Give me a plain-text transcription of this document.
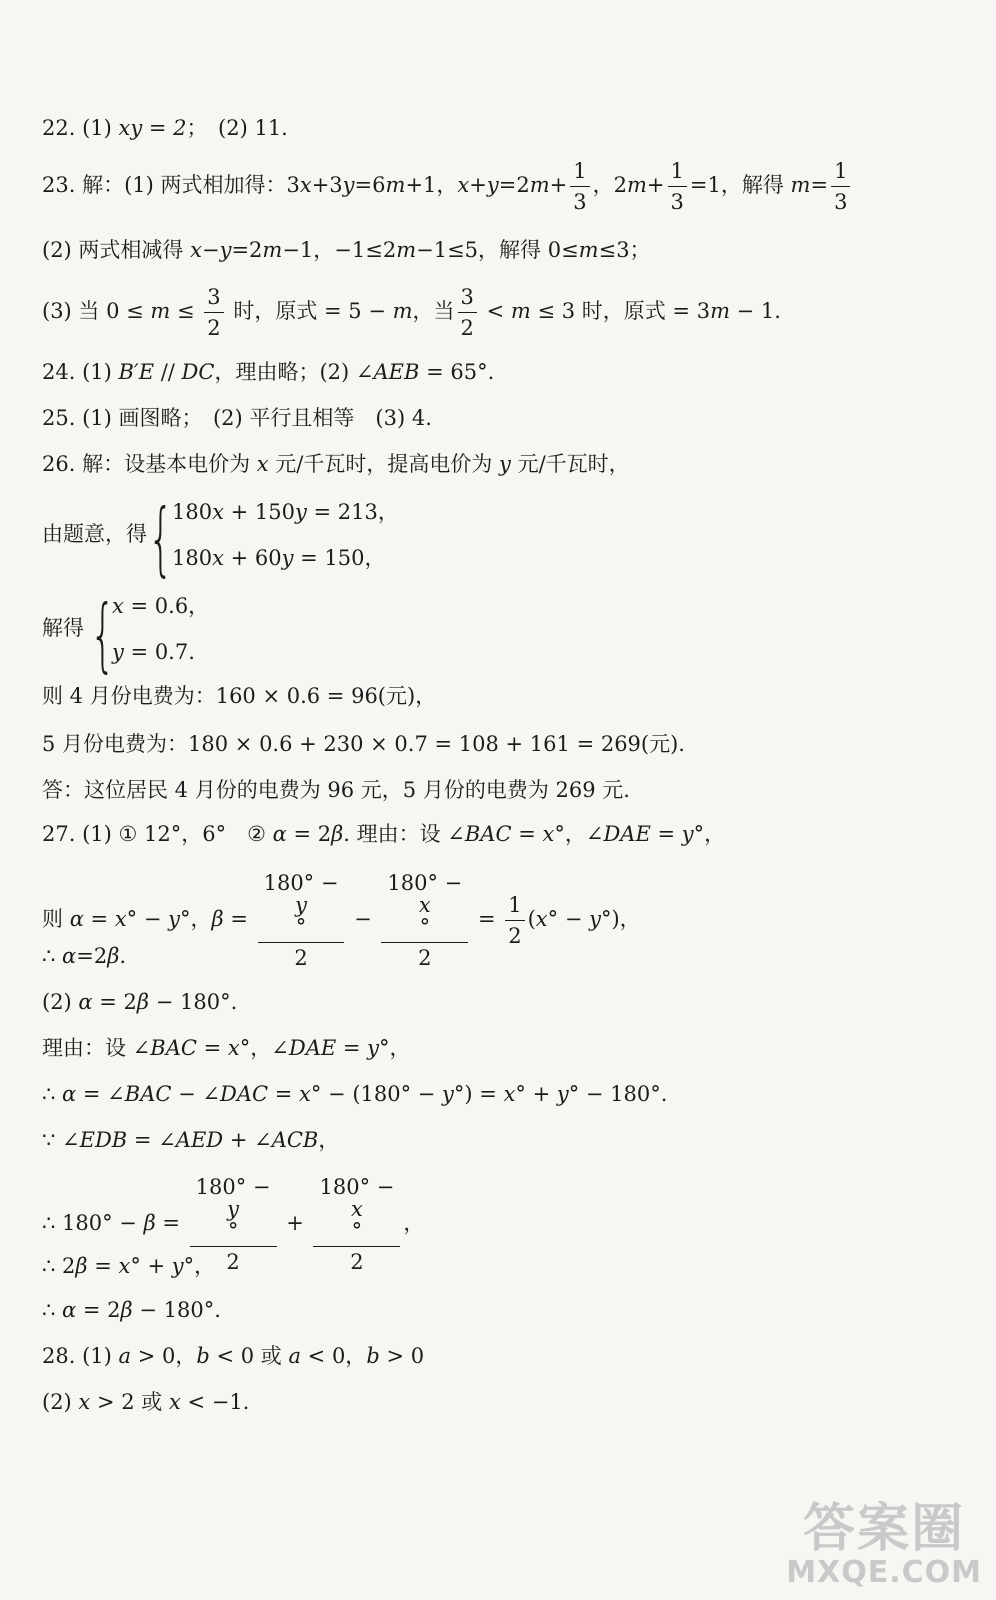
22. (1) xy = 2；　(2) 11.
23. 解：(1) 两式相加得：3x+3y=6m+1，$x+y=2m+ \frac{1}{3}$ ，$2m+ \frac{1}{3} =1$，解得 $m= \frac{1}{3}$
(2) 两式相减得 x−y=2m−1，−1≤2m−1≤5，解得 0≤m≤3；
(3) 当 $0 \le m \le \frac{3}{2}$ 时，原式 = 5 − m，当 $\frac{3}{2} < m \le 3$ 时，原式 = 3m − 1.
24. (1) B′E // DC，理由略；(2) ∠AEB = 65°.
25. (1) 画图略；　(2) 平行且相等　(3) 4.
26. 解：设基本电价为 x 元/千瓦时，提高电价为 y 元/千瓦时，
由题意，得 {
180x + 150y = 213，
180x + 60y = 150，
解得 {
x = 0.6，
y = 0.7.
则 4 月份电费为：160 × 0.6 = 96(元)，
5 月份电费为：180 × 0.6 + 230 × 0.7 = 108 + 161 = 269(元).
答：这位居民 4 月份的电费为 96 元，5 月份的电费为 269 元.
27. (1) ① 12°，6°　② α = 2β. 理由：设 ∠BAC = x°，∠DAE = y°，
则 α = x° − y°，β = 180° −
y
°
2 − 180° −
x
°
$2 = \frac{1}{2} (x^\circ - y^\circ)$，
∴ α=2β.
(2) α = 2β − 180°.
理由：设 ∠BAC = x°，∠DAE = y°，
∴ α = ∠BAC − ∠DAC = x° − (180° − y°) = x° + y° − 180°.
∵ ∠EDB = ∠AED + ∠ACB，
∴ 180° − β = 180° −
y
°
2 + 180° −
x
°
2 ，
∴ 2β = x° + y°，
∴ α = 2β − 180°.
28. (1) a > 0，b < 0 或 a < 0，b > 0
(2) x > 2 或 x < −1.
答案圈
MXQE.COM
